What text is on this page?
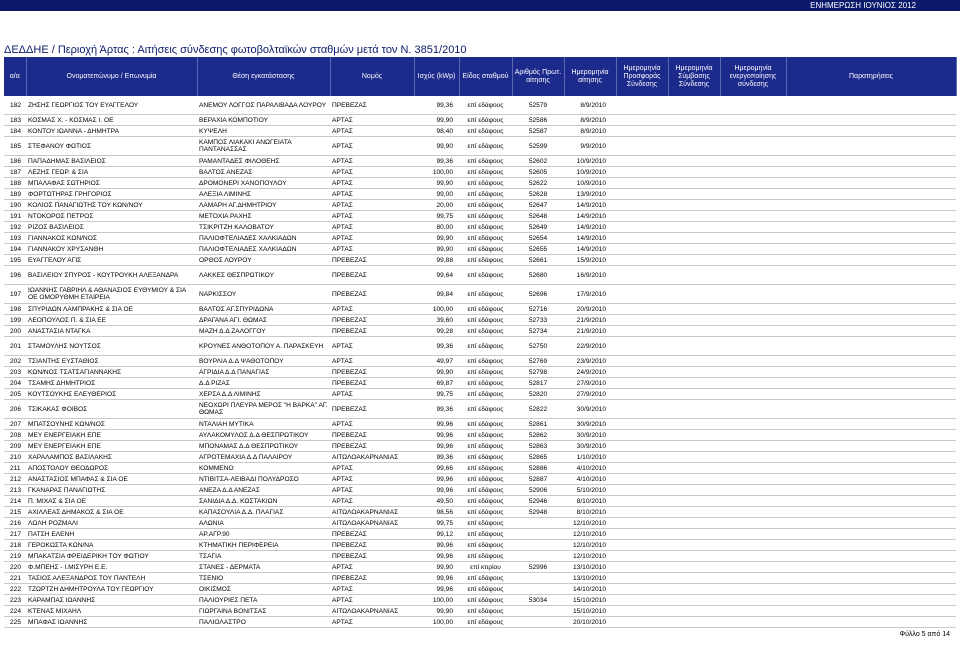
ΕΝΗΜΕΡΩΣΗ ΙΟΥΝΙΟΣ 2012
ΔΕΔΔΗΕ / Περιοχή Άρτας : Αιτήσεις σύνδεσης φωτοβολταϊκών σταθμών μετά τον Ν. 3851/2010
α/α	Ονοματεπώνυμο / Επωνυμία	Θέση εγκατάστασης	Νομός	Ισχύς (kWp)	Είδος σταθμού	Αριθμός Πρωτ. αίτησης	Ημερομηνία αίτησης	Ημερομηνία Προσφοράς Σύνδεσης	Ημερομηνία Σύμβασης Σύνδεσης	Ημερομηνία ενεργοποίησης σύνδεσης	Παρατηρήσεις
182	ΖΗΣΗΣ ΓΕΩΡΓΙΟΣ ΤΟΥ ΕΥΑΓΓΕΛΟΥ	ΑΝΕΜΟΥ ΛΟΓΓΟΣ ΠΑΡΑΛΙΒΑΔΑ ΛΟΥΡΟΥ	ΠΡΕΒΕΖΑΣ	99,36	επί εδάφους	52579	8/9/2010				
183	ΚΟΣΜΑΣ Χ. - ΚΟΣΜΑΣ Ι. ΟΕ	ΒΕΡΑΧΙΑ ΚΟΜΠΟΤΙΟΥ	ΑΡΤΑΣ	99,90	επί εδάφους	52586	8/9/2010				
184	ΚΟΝΤΟΥ ΙΩΑΝΝΑ - ΔΗΜΗΤΡΑ	ΚΥΨΕΛΗ	ΑΡΤΑΣ	98,40	επί εδάφους	52587	8/9/2010				
185	ΣΤΕΦΑΝΟΥ ΦΩΤΙΟΣ	ΚΑΜΠΟΣ ΛΙΑΚΑΚΙ ΑΝΩΓΕΙΑΤΑ ΠΑΝΤΑΝΑΣΣΑΣ	ΑΡΤΑΣ	99,90	επί εδάφους	52599	9/9/2010				
186	ΠΑΠΑΔΗΜΑΣ ΒΑΣΙΛΕΙΟΣ	ΡΑΜΑΝΤΑΔΕΣ ΦΙΛΟΘΕΗΣ	ΑΡΤΑΣ	99,36	επί εδάφους	52602	10/9/2010				
187	ΛΕΖΗΣ ΓΕΩΡ. & ΣΙΑ	ΒΑΛΤΟΣ ΑΝΕΖΑΣ	ΑΡΤΑΣ	100,00	επί εδάφους	52605	10/9/2010				
188	ΜΠΑΛΑΦΑΣ ΣΩΤΗΡΙΟΣ	ΔΡΟΜΟΝΕΡΙ ΧΑΝΟΠΟΥΛΟΥ	ΑΡΤΑΣ	99,90	επί εδάφους	52622	10/9/2010				
189	ΦΟΡΤΩΤΗΡΑΣ ΓΡΗΓΟΡΙΟΣ	ΑΛΕΞΙΑ ΛΙΜΙΝΗΣ	ΑΡΤΑΣ	99,00	επί εδάφους	52628	13/9/2010				
190	ΚΟΛΙΟΣ ΠΑΝΑΓΙΩΤΗΣ ΤΟΥ ΚΩΝ/ΝΟΥ	ΛΑΜΑΡΗ ΑΓ.ΔΗΜΗΤΡΙΟΥ	ΑΡΤΑΣ	20,00	επί εδάφους	52647	14/9/2010				
191	ΝΤΟΚΟΡΟΣ ΠΕΤΡΟΣ	ΜΕΤΟΧΙΑ ΡΑΧΗΣ	ΑΡΤΑΣ	99,75	επί εδάφους	52648	14/9/2010				
192	ΡΙΖΟΣ ΒΑΣΙΛΕΙΟΣ	ΤΣΙΚΡΙΤΖΗ ΚΑΛΟΒΑΤΟΥ	ΑΡΤΑΣ	80,00	επί εδάφους	52649	14/9/2010				
193	ΓΙΑΝΝΑΚΟΣ ΚΩΝ/ΝΟΣ	ΠΑΛΙΟΦΤΕΛΙΑΔΕΣ ΧΑΛΚΙΑΔΩΝ	ΑΡΤΑΣ	99,90	επί εδάφους	52654	14/9/2010				
194	ΓΙΑΝΝΑΚΟΥ ΧΡΥΣΑΝΘΗ	ΠΑΛΙΟΦΤΕΛΙΑΔΕΣ ΧΑΛΚΙΑΔΩΝ	ΑΡΤΑΣ	99,90	επί εδάφους	52655	14/9/2010				
195	ΕΥΑΓΓΕΛΟΥ ΑΓΙΣ	ΟΡΘΟΣ ΛΟΥΡΟΥ	ΠΡΕΒΕΖΑΣ	99,88	επί εδάφους	52661	15/9/2010				
196	ΒΑΣΙΛΕΙΟΥ ΣΠΥΡΟΣ - ΚΟΥΤΡΟΥΚΗ ΑΛΕΞΑΝΔΡΑ	ΛΑΚΚΕΣ ΘΕΣΠΡΩΤΙΚΟΥ	ΠΡΕΒΕΖΑΣ	99,64	επί εδάφους	52680	16/9/2010				
197	ΙΩΑΝΝΗΣ ΓΑΒΡΙΗΛ & ΑΘΑΝΑΣΙΟΣ ΕΥΘΥΜΙΟΥ & ΣΙΑ ΟΕ ΟΜΟΡΥΘΜΗ ΕΤΑΙΡΕΙΑ	ΝΑΡΚΙΣΣΟΥ	ΠΡΕΒΕΖΑΣ	99,84	επί εδάφους	52696	17/9/2010				
198	ΣΠΥΡΙΔΩΝ ΛΑΜΠΡΑΚΗΣ & ΣΙΑ ΟΕ	ΒΑΛΤΟΣ ΑΓ.ΣΠΥΡΙΔΩΝΑ	ΑΡΤΑΣ	100,00	επί εδάφους	52716	20/9/2010				
199	ΛΕΟΠΟΥΛΟΣ Π. & ΣΙΑ ΕΕ	ΔΡΑΓΑΝΑ ΑΓΙ. ΘΩΜΑΣ	ΠΡΕΒΕΖΑΣ	39,60	επί εδάφους	52733	21/9/2010				
200	ΑΝΑΣΤΑΣΙΑ ΝΤΑΓΚΑ	ΜΑΖΗ Δ.Δ ΖΑΛΟΓΓΟΥ	ΠΡΕΒΕΖΑΣ	99,28	επί εδάφους	52734	21/9/2010				
201	ΣΤΑΜΟΥΛΗΣ ΝΟΥΤΣΟΣ	ΚΡΟΥΝΕΣ ΑΝΘΟΤΟΠΟΥ Α. ΠΑΡΑΣΚΕΥΗ	ΑΡΤΑΣ	99,36	επί εδάφους	52750	22/9/2010				
202	ΤΣΙΑΝΤΗΣ ΕΥΣΤΑΘΙΟΣ	ΒΟΥΡΛΙΑ Δ.Δ ΨΑΘΟΤΟΠΟΥ	ΑΡΤΑΣ	49,97	επί εδάφους	52769	23/9/2010				
203	ΚΩΝ/ΝΟΣ ΤΣΑΤΣΑΓΙΑΝΝΑΚΗΣ	ΑΓΡΙΔΙΑ Δ.Δ ΠΑΝΑΓΙΑΣ	ΠΡΕΒΕΖΑΣ	99,90	επί εδάφους	52798	24/9/2010				
204	ΤΣΑΜΗΣ ΔΗΜΗΤΡΙΟΣ	Δ.Δ ΡΙΖΑΣ	ΠΡΕΒΕΖΑΣ	69,87	επί εδάφους	52817	27/9/2010				
205	ΚΟΥΤΣΟΥΚΗΣ ΕΛΕΥΘΕΡΙΟΣ	ΧΕΡΣΑ Δ.Δ ΛΙΜΙΝΗΣ	ΑΡΤΑΣ	99,75	επί εδάφους	52820	27/9/2010				
206	ΤΣΙΚΑΚΑΣ ΦΟΙΒΟΣ	ΝΕΟΧΩΡΙ ΠΛΕΥΡΑ ΜΕΡΟΣ "Η ΒΑΡΚΑ" ΑΓ. ΘΩΜΑΣ	ΠΡΕΒΕΖΑΣ	99,36	επί εδάφους	52822	30/9/2010				
207	ΜΠΑΤΣΟΥΝΗΣ ΚΩΝ/ΝΟΣ	ΝΤΑΛΙΑΗ ΜΥΤΙΚΑ	ΑΡΤΑΣ	99,96	επί εδάφους	52861	30/9/2010				
208	ΜΕΥ ΕΝΕΡΓΕΙΑΚΗ ΕΠΕ	ΑΥΛΑΚΟΜΥΛΟΣ Δ.Δ ΘΕΣΠΡΩΤΙΚΟΥ	ΠΡΕΒΕΖΑΣ	99,96	επί εδάφους	52862	30/9/2010				
209	ΜΕΥ ΕΝΕΡΓΕΙΑΚΗ ΕΠΕ	ΜΠΟΝΑΜΑΣ Δ.Δ ΘΕΣΠΡΩΤΙΚΟΥ	ΠΡΕΒΕΖΑΣ	99,96	επί εδάφους	52863	30/9/2010				
210	ΧΑΡΑΛΑΜΠΟΣ ΒΑΣΙΛΑΚΗΣ	ΑΓΡΟΤΕΜΑΧΙΑ Δ.Δ ΠΑΛΑΙΡΟΥ	ΑΙΤΩΛΟΑΚΑΡΝΑΝΙΑΣ	99,36	επί εδάφους	52865	1/10/2010				
211	ΑΠΟΣΤΟΛΟΥ ΘΕΟΔΩΡΟΣ	ΚΟΜΜΕΝΟ	ΑΡΤΑΣ	99,66	επί εδάφους	52886	4/10/2010				
212	ΑΝΑΣΤΑΣΙΟΣ ΜΠΑΦΑΣ & ΣΙΑ ΟΕ	ΝΤΙΒΙΤΣΑ-ΛΕΙΒΑΔΙ ΠΟΛΥΔΡΟΣΟ	ΑΡΤΑΣ	99,96	επί εδάφους	52887	4/10/2010				
213	ΓΚΑΝΑΡΑΣ ΠΑΝΑΓΙΩΤΗΣ	ΑΝΕΖΑ Δ.Δ ΑΝΕΖΑΣ	ΑΡΤΑΣ	99,96	επί εδάφους	52906	5/10/2010				
214	Π. ΜΙΧΑΣ & ΣΙΑ ΟΕ	ΣΑΝΙΔΙΑ Δ.Δ. ΚΩΣΤΑΚΙΩΝ	ΑΡΤΑΣ	49,50	επί εδάφους	52946	8/10/2010				
215	ΑΧΙΛΛΕΑΣ ΔΗΜΑΚΟΣ & ΣΙΑ ΟΕ	ΚΑΠΑΣΟΥΛΙΑ Δ.Δ. ΠΛΑΓΙΑΣ	ΑΙΤΩΛΟΑΚΑΡΝΑΝΙΑΣ	98,56	επί εδάφους	52948	8/10/2010				
216	ΛΩΛΗ ΡΟΖΜΑΛΙ	ΑΛΩΝΙΑ	ΑΙΤΩΛΟΑΚΑΡΝΑΝΙΑΣ	99,75	επί εδάφους		12/10/2010				
217	ΠΑΤΣΗ ΕΛΕΝΗ	ΑΡ.ΑΓΡ.90	ΠΡΕΒΕΖΑΣ	99,12	επί εδάφους		12/10/2010				
218	ΓΕΡΟΚΩΣΤΑ ΚΩΝ/ΝΑ	ΚΤΗΜΑΤΙΚΗ ΠΕΡΙΦΕΡΕΙΑ	ΠΡΕΒΕΖΑΣ	99,96	επί εδάφους		12/10/2010				
219	ΜΠΑΚΑΤΣΙΑ ΦΡΕΙΔΕΡΙΚΗ ΤΟΥ ΦΩΤΙΟΥ	ΤΣΑΓΙΑ	ΠΡΕΒΕΖΑΣ	99,96	επί εδάφους		12/10/2010				
220	Φ.ΜΠΕΗΣ - Ι.ΜΙΣΥΡΗ Ε.Ε.	ΣΤΑΝΕΣ - ΔΕΡΜΑΤΑ	ΑΡΤΑΣ	99,90	επί κτιρίου	52996	13/10/2010				
221	ΤΑΣΙΟΣ ΑΛΕΞΑΝΔΡΟΣ ΤΟΥ ΠΑΝΤΕΛΗ	ΤΣΕΝΙΟ	ΠΡΕΒΕΖΑΣ	99,96	επί εδάφους		13/10/2010				
222	ΤΖΩΡΤΖΗ ΔΗΜΗΤΡΟΥΛΑ ΤΟΥ ΓΕΩΡΓΙΟΥ	ΟΙΚΙΣΜΟΣ	ΑΡΤΑΣ	99,96	επί εδάφους		14/10/2010				
223	ΚΑΡΑΜΠΑΣ ΙΩΑΝΝΗΣ	ΠΑΛΙΟΥΡΙΕΣ ΠΕΤΑ	ΑΡΤΑΣ	100,00	επί εδάφους	53034	15/10/2010				
224	ΚΤΕΝΑΣ ΜΙΧΑΗΛ	ΓΙΩΡΓΑΙΝΑ ΒΟΝΙΤΣΑΣ	ΑΙΤΩΛΟΑΚΑΡΝΑΝΙΑΣ	99,90	επί εδάφους		15/10/2010				
225	ΜΠΑΦΑΣ ΙΩΑΝΝΗΣ	ΠΑΛΙΟΛΑΣΤΡΟ	ΑΡΤΑΣ	100,00	επί εδάφους		20/10/2010				
Φύλλο 5 από 14
